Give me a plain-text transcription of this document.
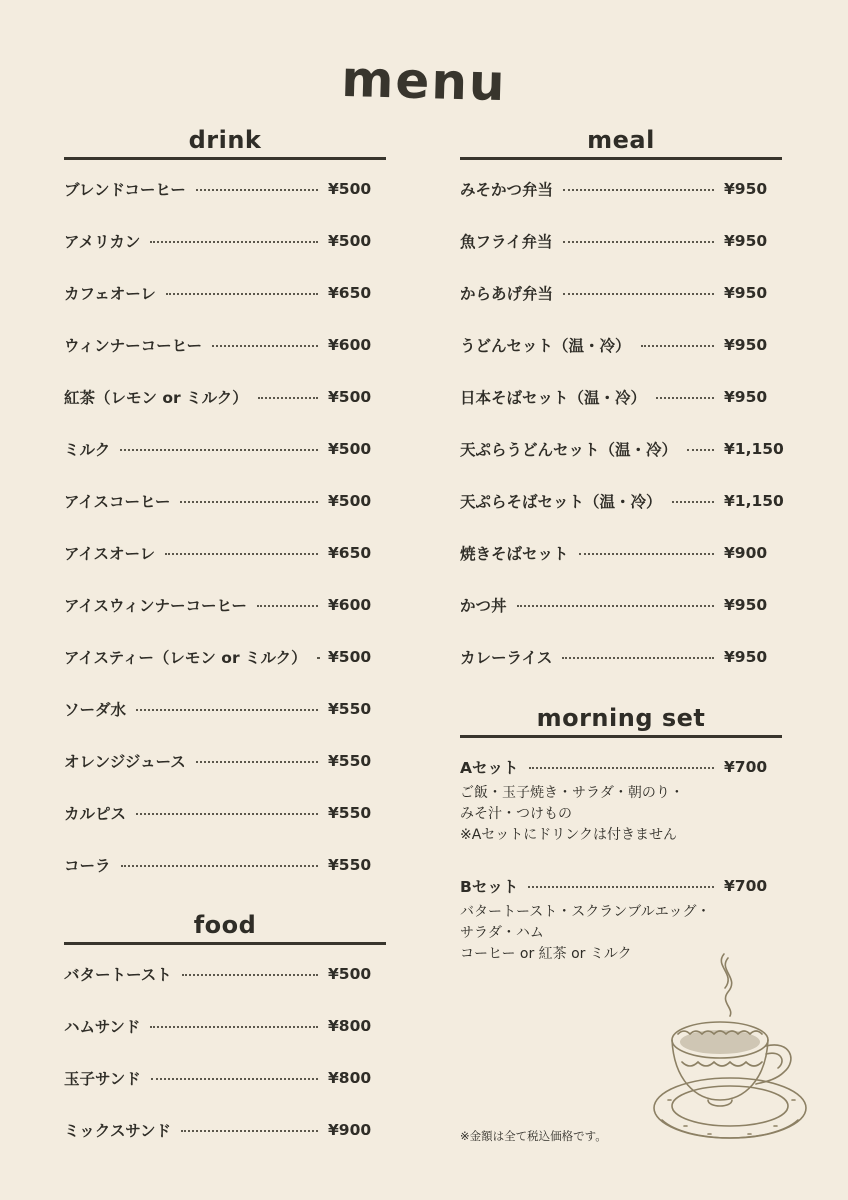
menu
drink
ブレンドコーヒー	¥500
アメリカン	¥500
カフェオーレ	¥650
ウィンナーコーヒー	¥600
紅茶（レモン or ミルク）	¥500
ミルク	¥500
アイスコーヒー	¥500
アイスオーレ	¥650
アイスウィンナーコーヒー	¥600
アイスティー（レモン or ミルク） ¥500
ソーダ水	¥550
オレンジジュース	¥550
カルピス	¥550
コーラ	¥550
food
バタートースト	¥500
ハムサンド	¥800
玉子サンド	¥800
ミックスサンド	¥900
meal
みそかつ弁当	¥950
魚フライ弁当	¥950
からあげ弁当	¥950
うどんセット（温・冷）	¥950
日本そばセット（温・冷）	¥950
天ぷらうどんセット（温・冷）	¥1,150
天ぷらそばセット（温・冷）	¥1,150
焼きそばセット	¥900
かつ丼	¥950
カレーライス	¥950
morning set
Aセット	¥700
ご飯・玉子焼き・サラダ・朝のり・
みそ汁・つけもの
※Aセットにドリンクは付きません
Bセット	¥700
バタートースト・スクランブルエッグ・
サラダ・ハム
コーヒー or 紅茶 or ミルク
※金額は全て税込価格です。
